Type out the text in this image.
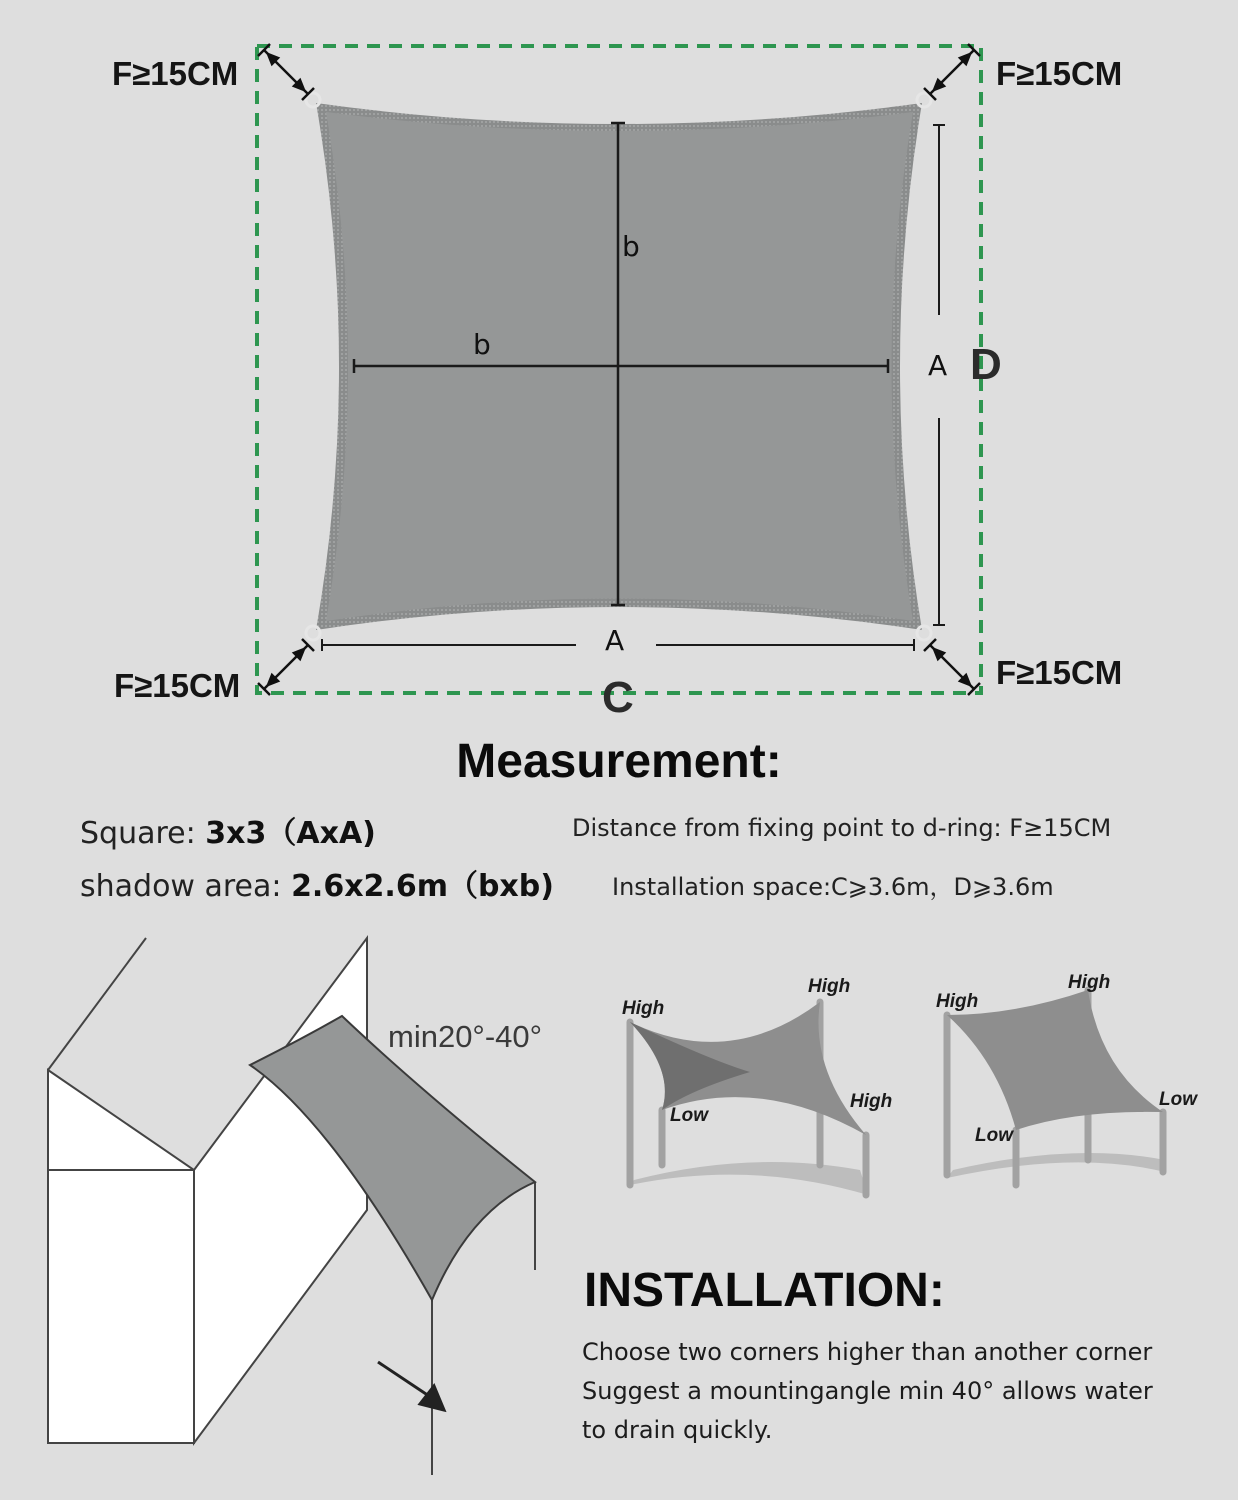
F≥15CM	F≥15CM
F≥15CM	F≥15CM
b
b
A
A
D
C
Measurement:
Square: 3x3（AxA)
shadow area: 2.6x2.6m（bxb)
Distance from fixing point to d-ring: F≥15CM
Installation space:C⩾3.6m，D⩾3.6m
min20°-40°
High
High
High
Low
High
High
Low
Low
INSTALLATION:
Choose two corners higher than another corner
Suggest a mountingangle min 40° allows water
to drain quickly.
